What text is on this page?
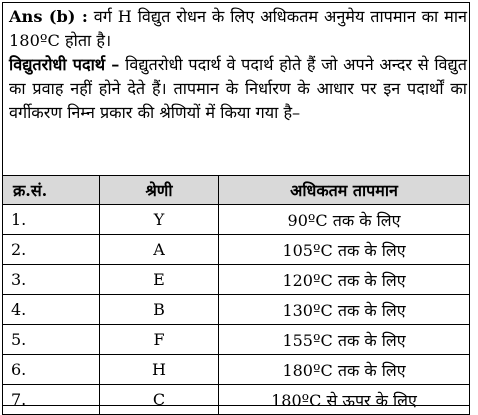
Ans (b) : वर्ग H विद्युत रोधन के लिए अधिकतम अनुमेय तापमान का मान 180ºC होता है।
विद्युतरोधी पदार्थ – विद्युतरोधी पदार्थ वे पदार्थ होते हैं जो अपने अन्दर से विद्युत का प्रवाह नहीं होने देते हैं। तापमान के निर्धारण के आधार पर इन पदार्थों का वर्गीकरण निम्न प्रकार की श्रेणियों में किया गया है–
क्र.सं.	श्रेणी	अधिकतम तापमान
1.	Y	90ºC तक के लिए
2.	A	105ºC तक के लिए
3.	E	120ºC तक के लिए
4.	B	130ºC तक के लिए
5.	F	155ºC तक के लिए
6.	H	180ºC तक के लिए
7.	C	180ºC से ऊपर के लिए
